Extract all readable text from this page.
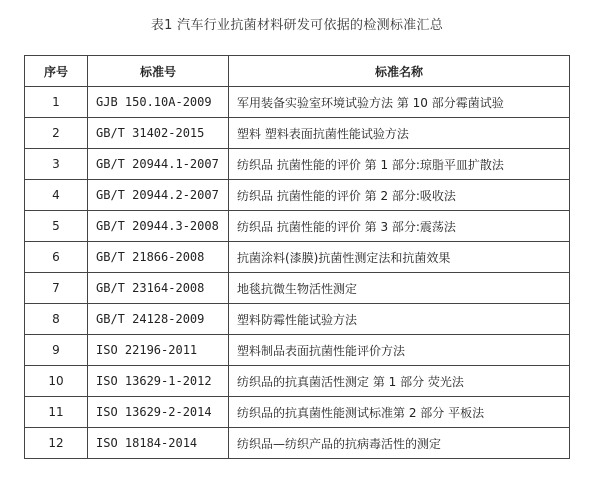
表1 汽车行业抗菌材料研发可依据的检测标准汇总
序号	标准号	标准名称
1	GJB 150.10A-2009	军用装备实验室环境试验方法 第 10 部分霉菌试验
2	GB/T 31402-2015	塑料 塑料表面抗菌性能试验方法
3	GB/T 20944.1-2007	纺织品 抗菌性能的评价 第 1 部分:琼脂平皿扩散法
4	GB/T 20944.2-2007	纺织品 抗菌性能的评价 第 2 部分:吸收法
5	GB/T 20944.3-2008	纺织品 抗菌性能的评价 第 3 部分:震荡法
6	GB/T 21866-2008	抗菌涂料(漆膜)抗菌性测定法和抗菌效果
7	GB/T 23164-2008	地毯抗微生物活性测定
8	GB/T 24128-2009	塑料防霉性能试验方法
9	ISO 22196-2011	塑料制品表面抗菌性能评价方法
10	ISO 13629-1-2012	纺织品的抗真菌活性测定 第 1 部分 荧光法
11	ISO 13629-2-2014	纺织品的抗真菌性能测试标准第 2 部分 平板法
12	ISO 18184-2014	纺织品—纺织产品的抗病毒活性的测定
